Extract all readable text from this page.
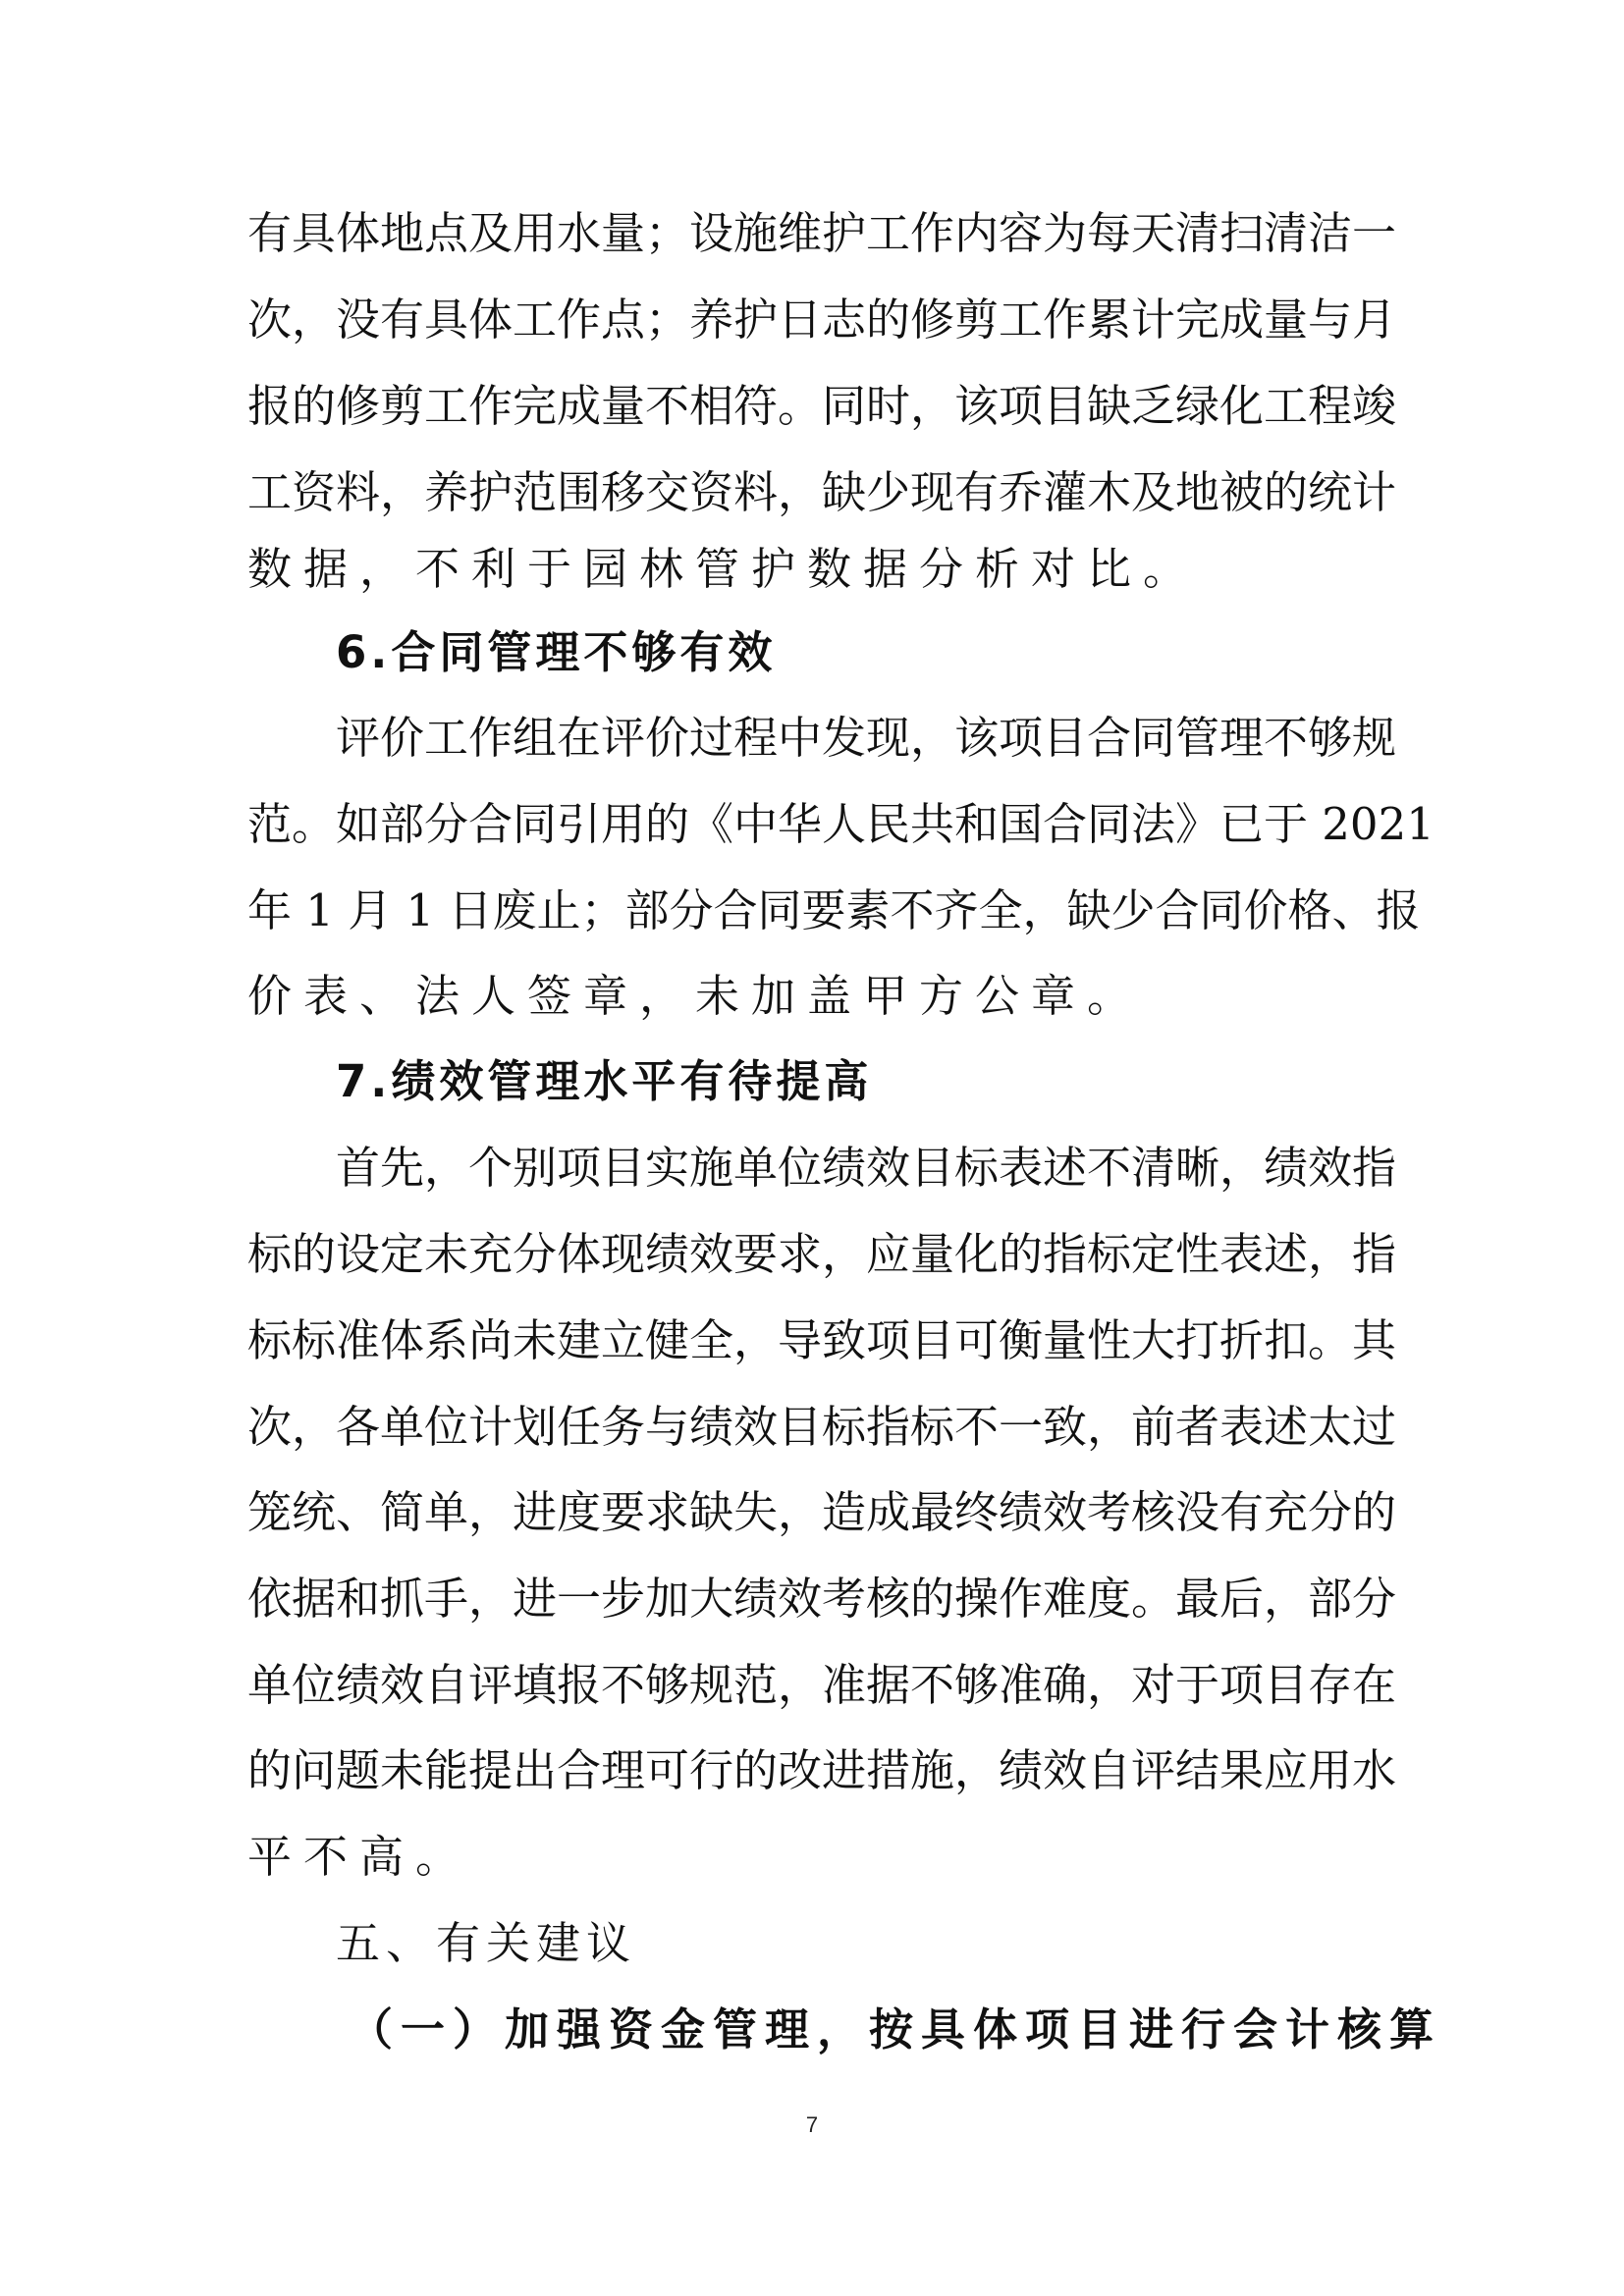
有具体地点及用水量；设施维护工作内容为每天清扫清洁一
次，没有具体工作点；养护日志的修剪工作累计完成量与月
报的修剪工作完成量不相符。同时，该项目缺乏绿化工程竣
工资料，养护范围移交资料，缺少现有乔灌木及地被的统计
数据，不利于园林管护数据分析对比。
6.合同管理不够有效
评价工作组在评价过程中发现，该项目合同管理不够规
范。如部分合同引用的《中华人民共和国合同法》已于 2021
年 1 月 1 日废止；部分合同要素不齐全，缺少合同价格、报
价表、法人签章，未加盖甲方公章。
7.绩效管理水平有待提高
首先，个别项目实施单位绩效目标表述不清晰，绩效指
标的设定未充分体现绩效要求，应量化的指标定性表述，指
标标准体系尚未建立健全，导致项目可衡量性大打折扣。其
次，各单位计划任务与绩效目标指标不一致，前者表述太过
笼统、简单，进度要求缺失，造成最终绩效考核没有充分的
依据和抓手，进一步加大绩效考核的操作难度。最后，部分
单位绩效自评填报不够规范，准据不够准确，对于项目存在
的问题未能提出合理可行的改进措施，绩效自评结果应用水
平不高。
五、有关建议
（一）加强资金管理，按具体项目进行会计核算
7
